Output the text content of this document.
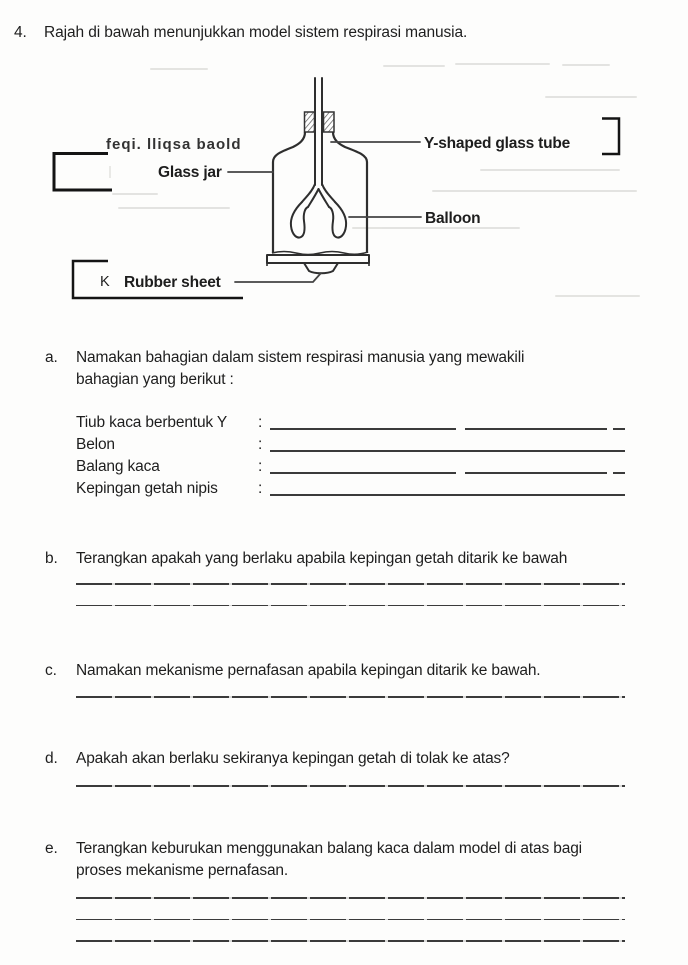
4.	Rajah di bawah menunjukkan model sistem respirasi manusia.
feqi. lliqsa baold
Glass jar
Y-shaped glass tube
Balloon
Rubber sheet
K
a.	Namakan bahagian dalam sistem respirasi manusia yang mewakili
bahagian yang berikut :
Tiub kaca berbentuk Y	:
Belon	:
Balang kaca	:
Kepingan getah nipis	:
b.	Terangkan apakah yang berlaku apabila kepingan getah ditarik ke bawah
c.	Namakan mekanisme pernafasan apabila kepingan ditarik ke bawah.
d.	Apakah akan berlaku sekiranya kepingan getah di tolak ke atas?
e.	Terangkan keburukan menggunakan balang kaca dalam model di atas bagi
proses mekanisme pernafasan.
